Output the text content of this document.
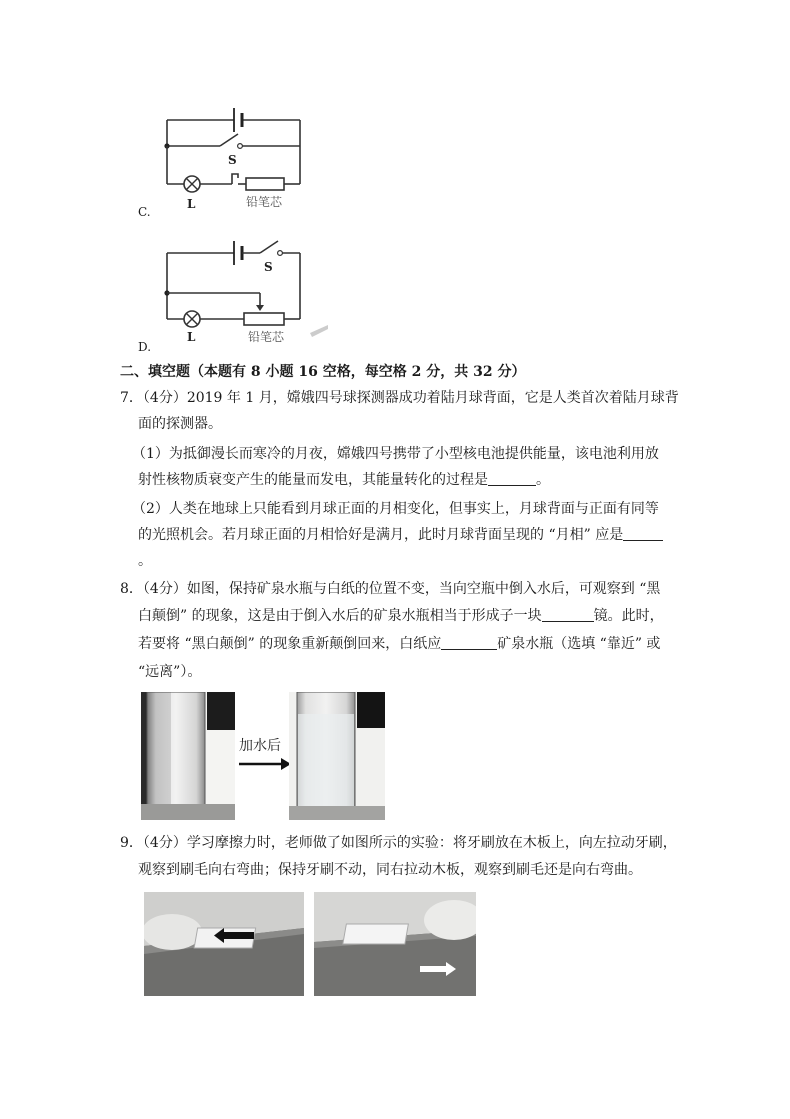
S
L	铅笔芯
C.
S
L	铅笔芯
D.
二、填空题（本题有 8 小题 16 空格，每空格 2 分，共 32 分）
7．（4分）2019 年 1 月，嫦娥四号球探测器成功着陆月球背面，它是人类首次着陆月球背
面的探测器。
（1）为抵御漫长而寒冷的月夜，嫦娥四号携带了小型核电池提供能量，该电池利用放
射性核物质衰变产生的能量而发电，其能量转化的过程是	。
（2）人类在地球上只能看到月球正面的月相变化，但事实上，月球背面与正面有同等
的光照机会。若月球正面的月相恰好是满月，此时月球背面呈现的 “月相” 应是
。
8．（4分）如图，保持矿泉水瓶与白纸的位置不变，当向空瓶中倒入水后，可观察到 “黑
白颠倒” 的现象，这是由于倒入水后的矿泉水瓶相当于形成子一块	镜。此时，
若要将 “黑白颠倒” 的现象重新颠倒回来，白纸应	矿泉水瓶（选填 “靠近” 或
“远离”）。
加水后
9．（4分）学习摩擦力时，老师做了如图所示的实验：将牙刷放在木板上，向左拉动牙刷，
观察到刷毛向右弯曲；保持牙刷不动，同右拉动木板，观察到刷毛还是向右弯曲。
